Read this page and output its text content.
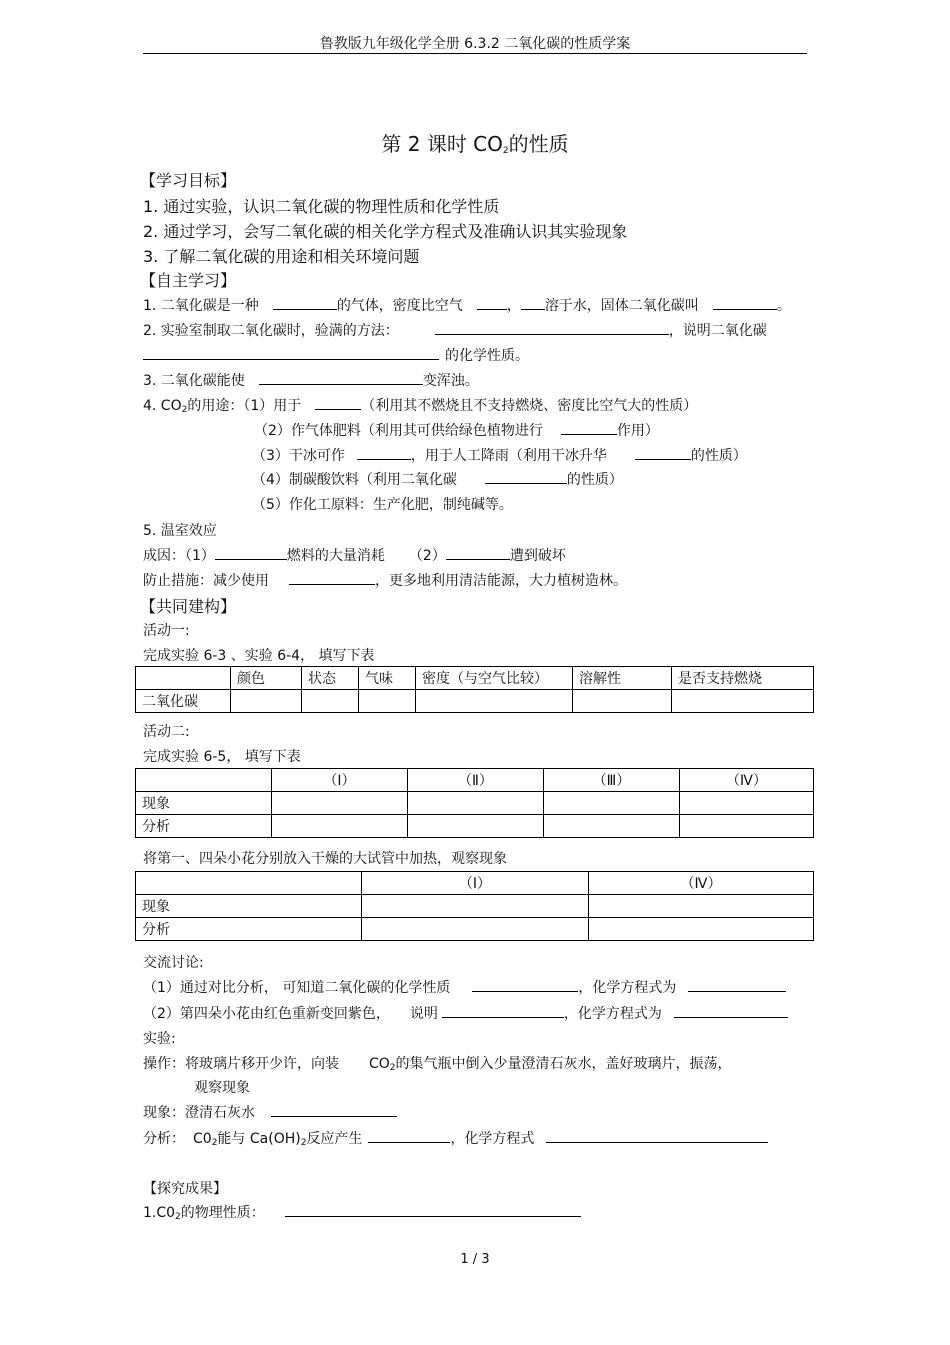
鲁教版九年级化学全册 6.3.2 二氧化碳的性质学案
第 2 课时 CO2的性质
【学习目标】
1. 通过实验，认识二氧化碳的物理性质和化学性质
2. 通过学习，会写二氧化碳的相关化学方程式及准确认识其实验现象
3. 了解二氧化碳的用途和相关环境问题
【自主学习】
1. 二氧化碳是一种	的气体，密度比空气	， 溶于水，固体二氧化碳叫	。
2. 实验室制取二氧化碳时，验满的方法：	，说明二氧化碳
的化学性质。
3. 二氧化碳能使	变浑浊。
4. CO2的用途：（1）用于	（利用其不燃烧且不支持燃烧、密度比空气大的性质）
（2）作气体肥料（利用其可供给绿色植物进行	作用）
（3）干冰可作	，用于人工降雨（利用干冰升华	的性质）
（4）制碳酸饮料（利用二氧化碳	的性质）
（5）作化工原料：生产化肥，制纯碱等。
5. 温室效应
成因：（1）	燃料的大量消耗 （2）	遭到破坏
防止措施：减少使用	，更多地利用清洁能源，大力植树造林。
【共同建构】
活动一:
完成实验 6-3 、实验 6-4， 填写下表
	颜色	状态	气味	密度（与空气比较）	溶解性	是否支持燃烧
二氧化碳						
活动二:
完成实验 6-5， 填写下表
	（Ⅰ）	（Ⅱ）	（Ⅲ）	（Ⅳ）
现象				
分析				
将第一、四朵小花分别放入干燥的大试管中加热，观察现象
	（Ⅰ）	（Ⅳ）
现象		
分析		
交流讨论:
（1）通过对比分析， 可知道二氧化碳的化学性质	，化学方程式为
（2）第四朵小花由红色重新变回紫色， 说明	，化学方程式为
实验:
操作：将玻璃片移开少许，向装 CO2的集气瓶中倒入少量澄清石灰水，盖好玻璃片，振荡，
观察现象
现象：澄清石灰水
分析： C02能与 Ca(OH)2反应产生	，化学方程式
【探究成果】
1.C02的物理性质：
1 / 3
